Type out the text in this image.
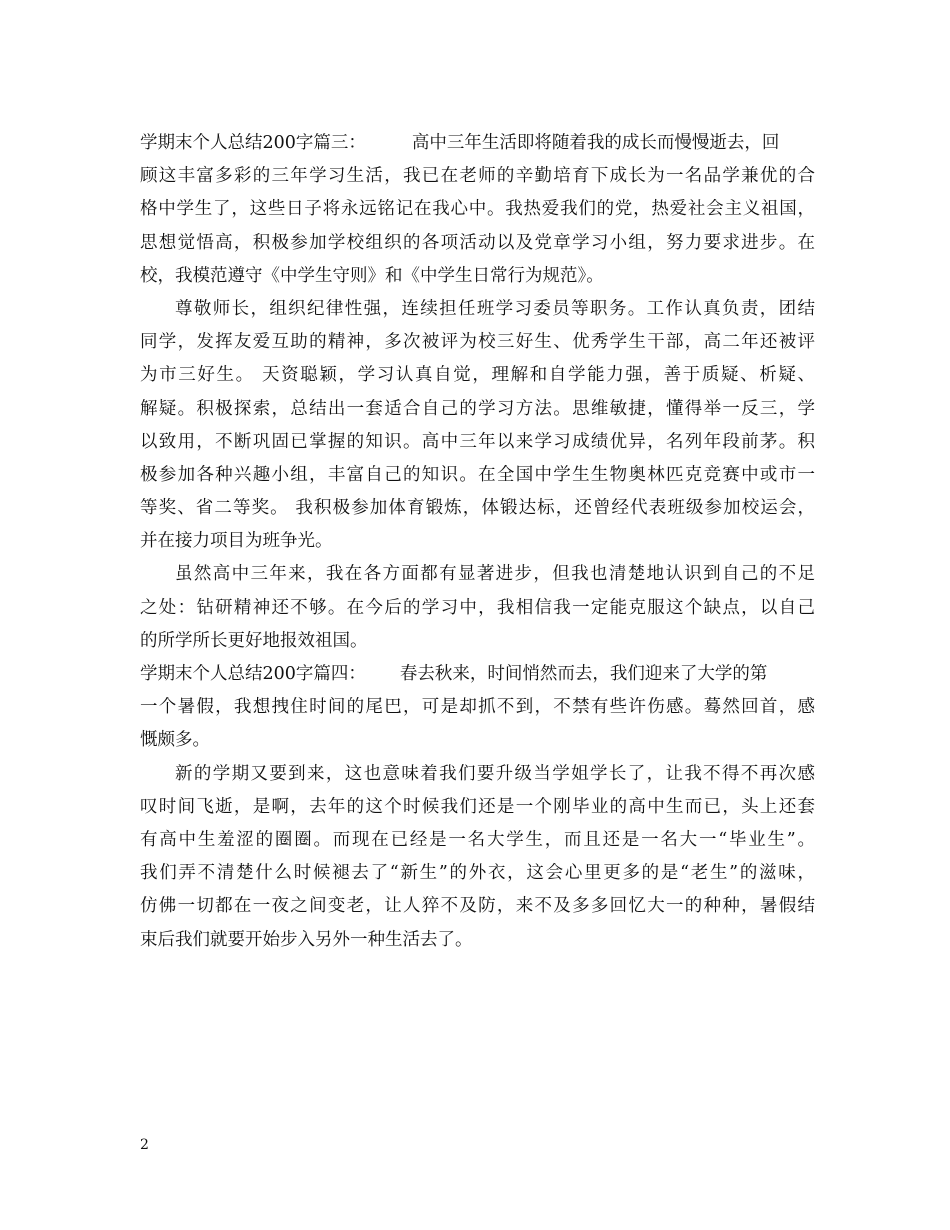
学期末个人总结200字篇三：	高中三年生活即将随着我的成长而慢慢逝去，回
顾这丰富多彩的三年学习生活，我已在老师的辛勤培育下成长为一名品学兼优的合
格中学生了，这些日子将永远铭记在我心中。我热爱我们的党，热爱社会主义祖国，
思想觉悟高，积极参加学校组织的各项活动以及党章学习小组，努力要求进步。在
校，我模范遵守《中学生守则》和《中学生日常行为规范》。
尊敬师长，组织纪律性强，连续担任班学习委员等职务。工作认真负责，团结
同学，发挥友爱互助的精神，多次被评为校三好生、优秀学生干部，高二年还被评
为市三好生。 天资聪颖，学习认真自觉，理解和自学能力强，善于质疑、析疑、
解疑。积极探索，总结出一套适合自己的学习方法。思维敏捷，懂得举一反三，学
以致用，不断巩固已掌握的知识。高中三年以来学习成绩优异，名列年段前茅。积
极参加各种兴趣小组，丰富自己的知识。在全国中学生生物奥林匹克竞赛中或市一
等奖、省二等奖。 我积极参加体育锻炼，体锻达标，还曾经代表班级参加校运会，
并在接力项目为班争光。
虽然高中三年来，我在各方面都有显著进步，但我也清楚地认识到自己的不足
之处：钻研精神还不够。在今后的学习中，我相信我一定能克服这个缺点，以自己
的所学所长更好地报效祖国。
学期末个人总结200字篇四： 春去秋来，时间悄然而去，我们迎来了大学的第
一个暑假，我想拽住时间的尾巴，可是却抓不到，不禁有些许伤感。蓦然回首，感
慨颇多。
新的学期又要到来，这也意味着我们要升级当学姐学长了，让我不得不再次感
叹时间飞逝，是啊，去年的这个时候我们还是一个刚毕业的高中生而已，头上还套
有高中生羞涩的圈圈。而现在已经是一名大学生，而且还是一名大一“毕业生”。
我们弄不清楚什么时候褪去了“新生”的外衣，这会心里更多的是“老生”的滋味，
仿佛一切都在一夜之间变老，让人猝不及防，来不及多多回忆大一的种种，暑假结
束后我们就要开始步入另外一种生活去了。
2
